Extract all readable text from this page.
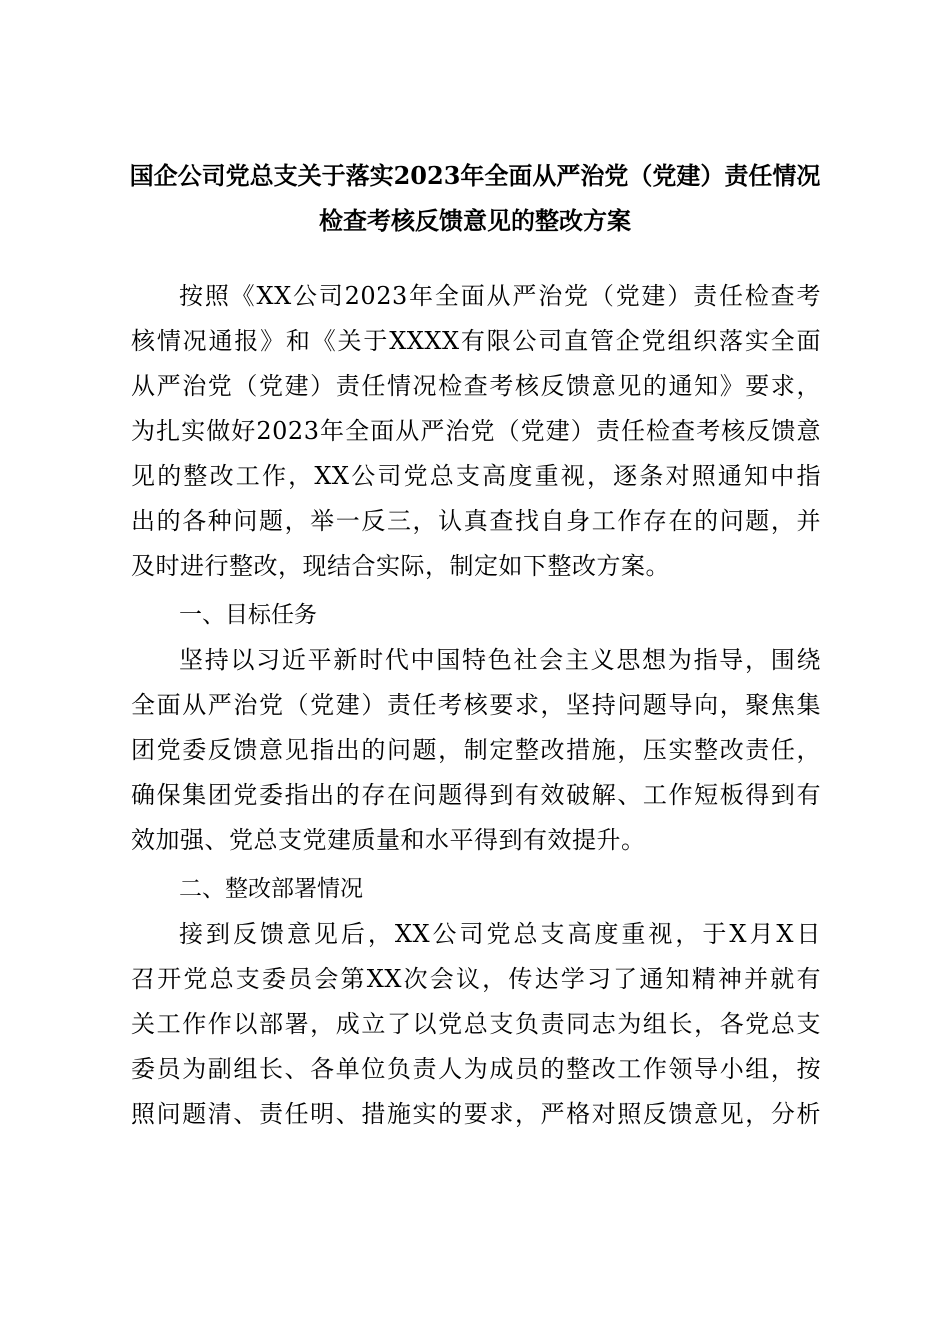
国企公司党总支关于落实2023年全面从严治党（党建）责任情况
检查考核反馈意见的整改方案
按照《XX公司2023年全面从严治党（党建）责任检查考
核情况通报》和《关于XXXX有限公司直管企党组织落实全面
从严治党（党建）责任情况检查考核反馈意见的通知》要求，
为扎实做好2023年全面从严治党（党建）责任检查考核反馈意
见的整改工作，XX公司党总支高度重视，逐条对照通知中指
出的各种问题，举一反三，认真查找自身工作存在的问题，并
及时进行整改，现结合实际，制定如下整改方案。
一、目标任务
坚持以习近平新时代中国特色社会主义思想为指导，围绕
全面从严治党（党建）责任考核要求，坚持问题导向，聚焦集
团党委反馈意见指出的问题，制定整改措施，压实整改责任，
确保集团党委指出的存在问题得到有效破解、工作短板得到有
效加强、党总支党建质量和水平得到有效提升。
二、整改部署情况
接到反馈意见后，XX公司党总支高度重视，于X月X日
召开党总支委员会第XX次会议，传达学习了通知精神并就有
关工作作以部署，成立了以党总支负责同志为组长，各党总支
委员为副组长、各单位负责人为成员的整改工作领导小组，按
照问题清、责任明、措施实的要求，严格对照反馈意见，分析
